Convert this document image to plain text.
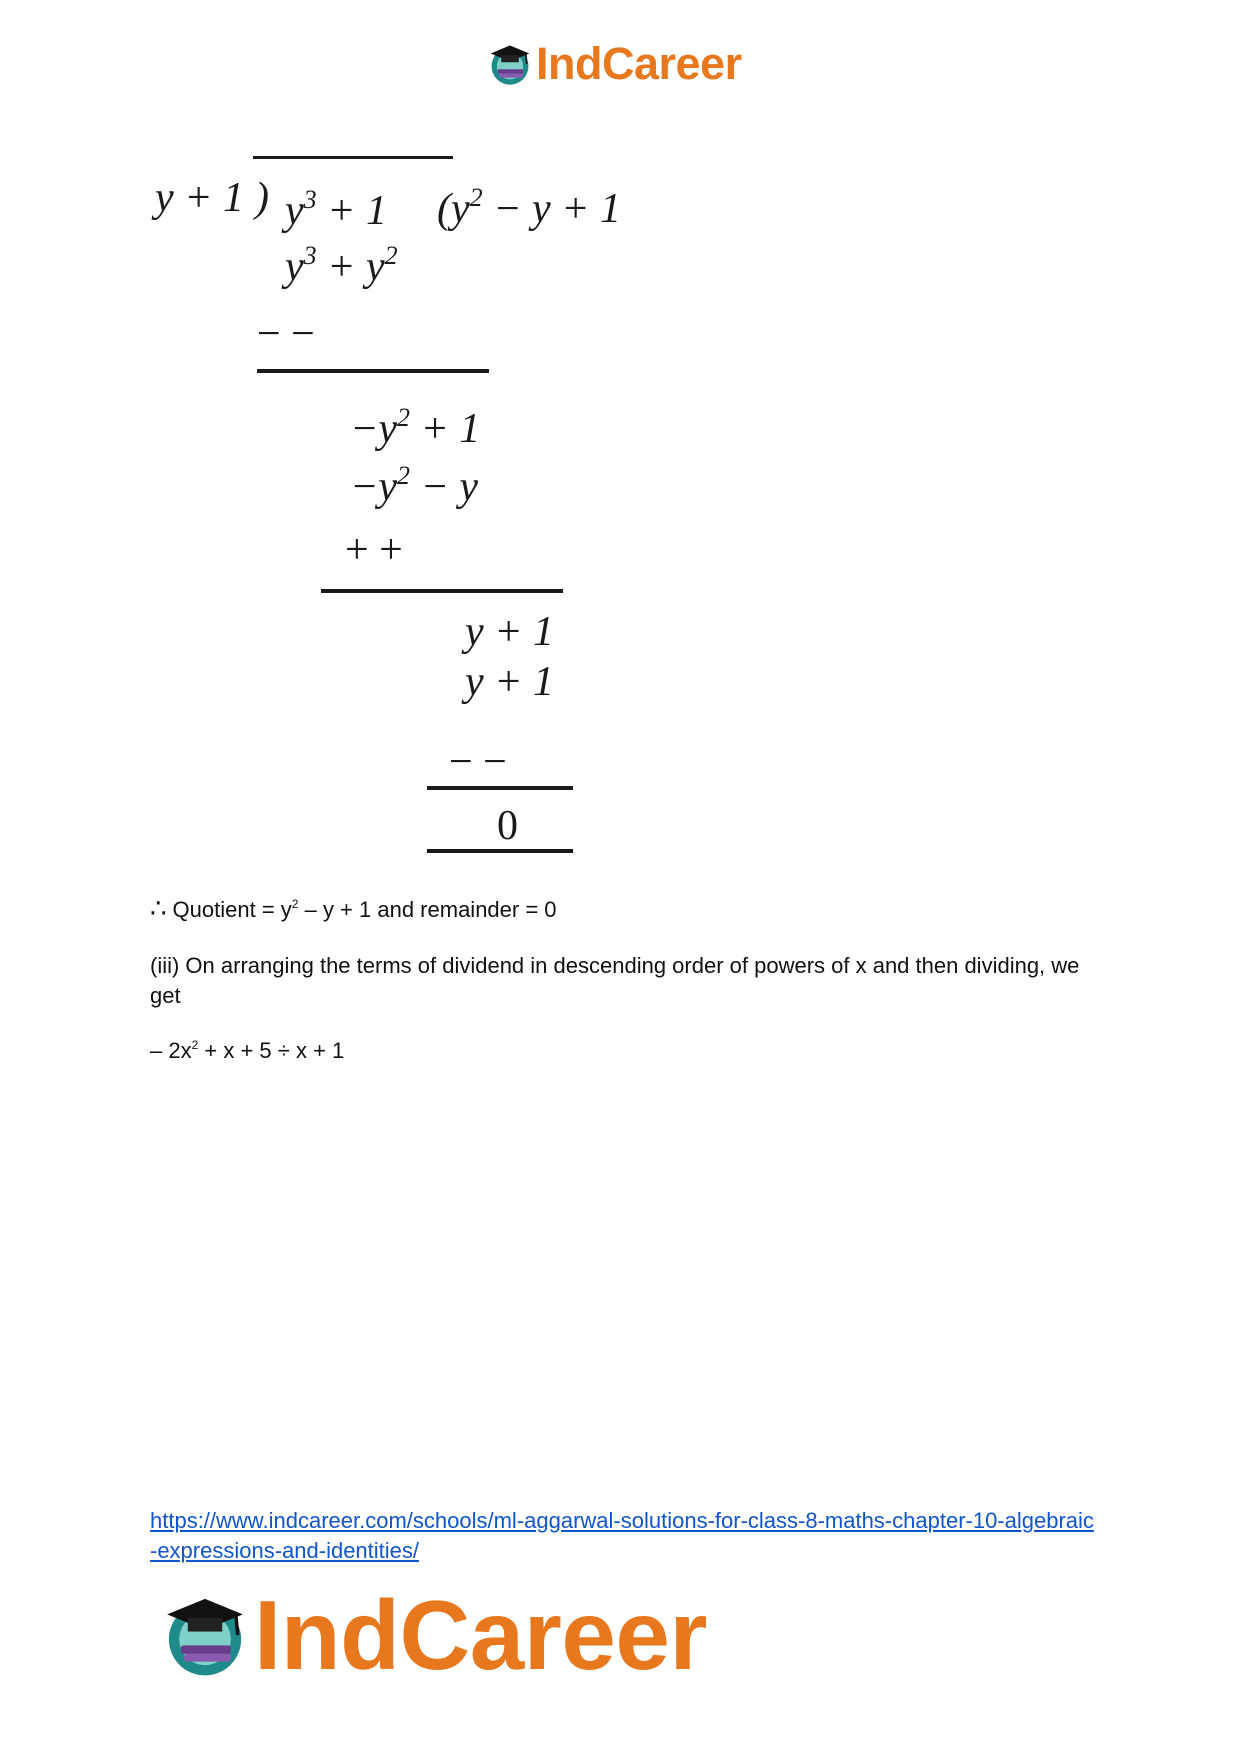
IndCareer
y + 1 ) $y^3 + 1$ ($y^2 - y + 1$
$y^3 + y^2$
− −
$-y^2 + 1$
$-y^2 - y$
+ +
y + 1
y + 1
− −
0
∴ Quotient = $y^2 - y + 1$ and remainder = 0
(iii) On arranging the terms of dividend in descending order of powers of x and then dividing, we get
– $2x^2 + x + 5 \div x + 1$
https://www.indcareer.com/schools/ml-aggarwal-solutions-for-class-8-maths-chapter-10-algebraic-expressions-and-identities/
IndCareer
